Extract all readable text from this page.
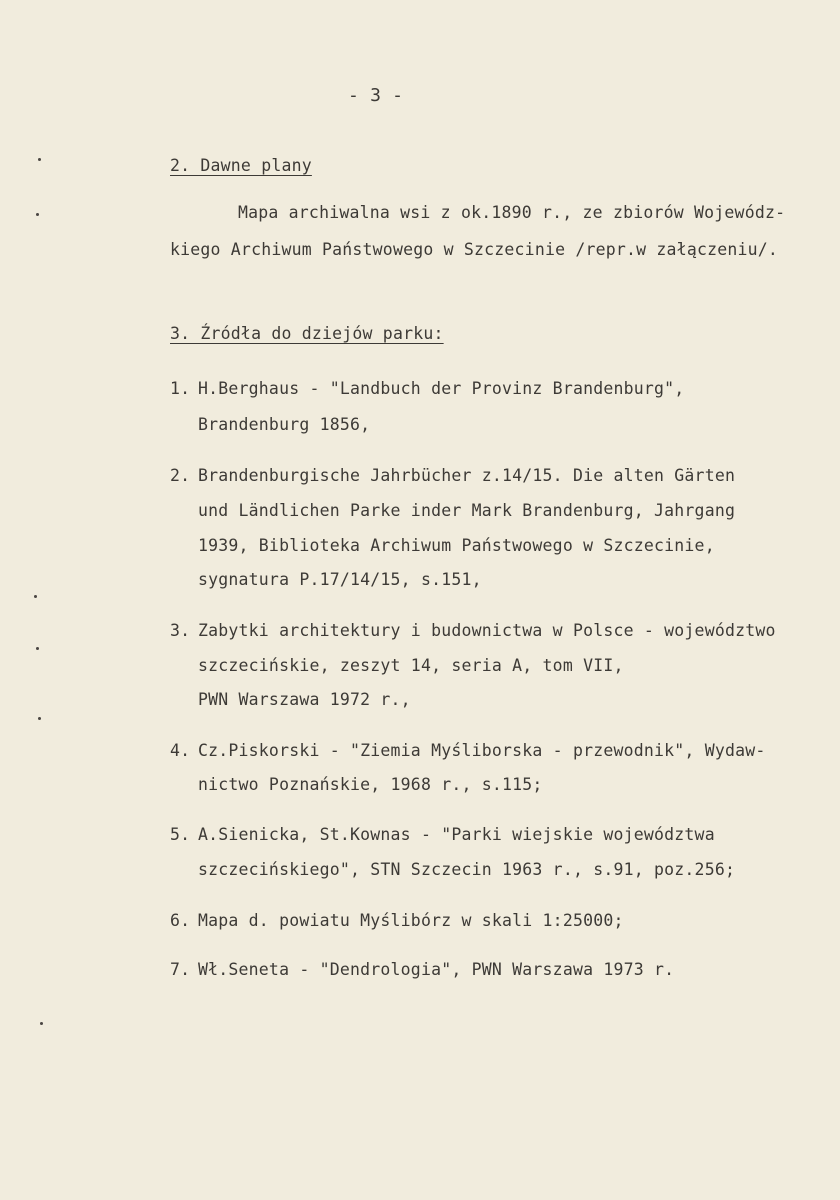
- 3 -
2. Dawne plany
Mapa archiwalna wsi z ok.1890 r., ze zbiorów Wojewódz-
kiego Archiwum Państwowego w Szczecinie /repr.w załączeniu/.
3. Źródła do dziejów parku:
1. H.Berghaus - "Landbuch der Provinz Brandenburg",
Brandenburg 1856,
2. Brandenburgische Jahrbücher z.14/15. Die alten Gärten
und Ländlichen Parke inder Mark Brandenburg, Jahrgang
1939, Biblioteka Archiwum Państwowego w Szczecinie,
sygnatura P.17/14/15, s.151,
3. Zabytki architektury i budownictwa w Polsce - województwo
szczecińskie, zeszyt 14, seria A, tom VII,
PWN Warszawa 1972 r.,
4. Cz.Piskorski - "Ziemia Myśliborska - przewodnik", Wydaw-
nictwo Poznańskie, 1968 r., s.115;
5. A.Sienicka, St.Kownas - "Parki wiejskie województwa
szczecińskiego", STN Szczecin 1963 r., s.91, poz.256;
6. Mapa d. powiatu Myślibórz w skali 1:25000;
7. Wł.Seneta - "Dendrologia", PWN Warszawa 1973 r.
